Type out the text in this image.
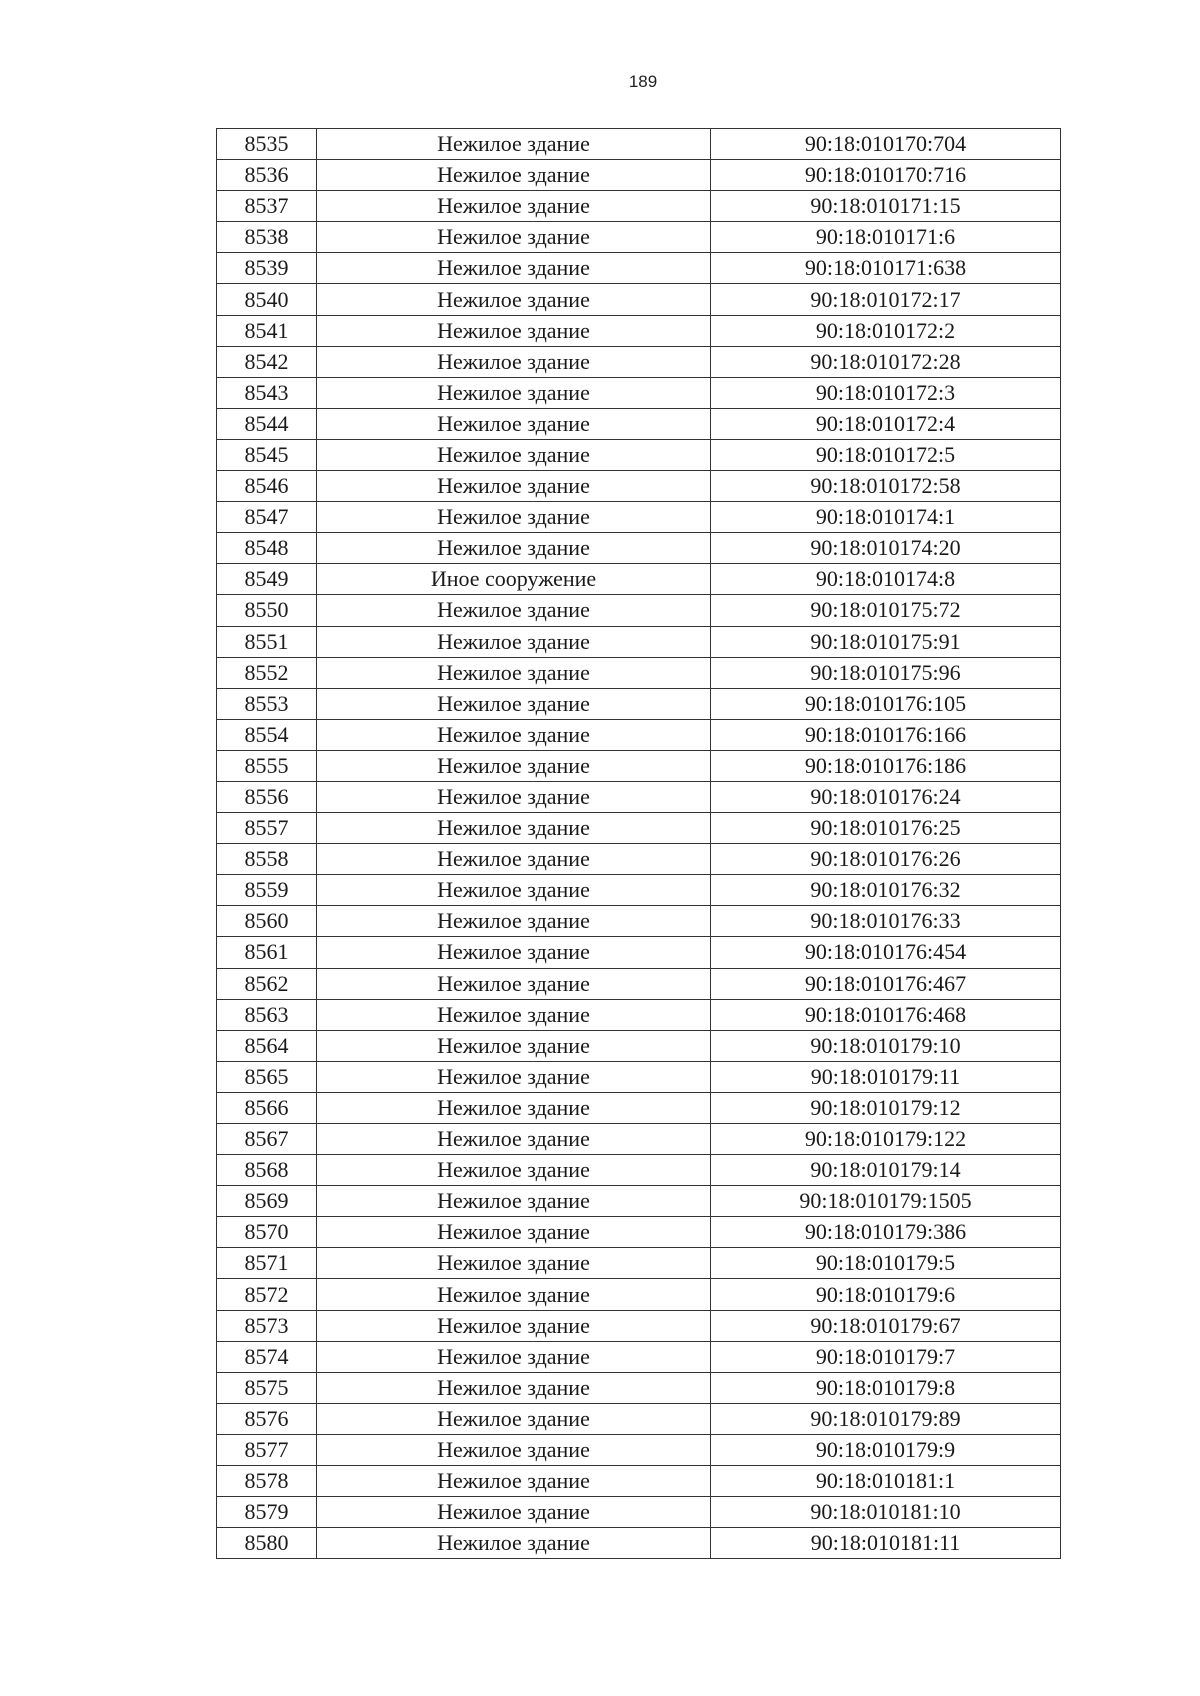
189
8535	Нежилое здание	90:18:010170:704
8536	Нежилое здание	90:18:010170:716
8537	Нежилое здание	90:18:010171:15
8538	Нежилое здание	90:18:010171:6
8539	Нежилое здание	90:18:010171:638
8540	Нежилое здание	90:18:010172:17
8541	Нежилое здание	90:18:010172:2
8542	Нежилое здание	90:18:010172:28
8543	Нежилое здание	90:18:010172:3
8544	Нежилое здание	90:18:010172:4
8545	Нежилое здание	90:18:010172:5
8546	Нежилое здание	90:18:010172:58
8547	Нежилое здание	90:18:010174:1
8548	Нежилое здание	90:18:010174:20
8549	Иное сооружение	90:18:010174:8
8550	Нежилое здание	90:18:010175:72
8551	Нежилое здание	90:18:010175:91
8552	Нежилое здание	90:18:010175:96
8553	Нежилое здание	90:18:010176:105
8554	Нежилое здание	90:18:010176:166
8555	Нежилое здание	90:18:010176:186
8556	Нежилое здание	90:18:010176:24
8557	Нежилое здание	90:18:010176:25
8558	Нежилое здание	90:18:010176:26
8559	Нежилое здание	90:18:010176:32
8560	Нежилое здание	90:18:010176:33
8561	Нежилое здание	90:18:010176:454
8562	Нежилое здание	90:18:010176:467
8563	Нежилое здание	90:18:010176:468
8564	Нежилое здание	90:18:010179:10
8565	Нежилое здание	90:18:010179:11
8566	Нежилое здание	90:18:010179:12
8567	Нежилое здание	90:18:010179:122
8568	Нежилое здание	90:18:010179:14
8569	Нежилое здание	90:18:010179:1505
8570	Нежилое здание	90:18:010179:386
8571	Нежилое здание	90:18:010179:5
8572	Нежилое здание	90:18:010179:6
8573	Нежилое здание	90:18:010179:67
8574	Нежилое здание	90:18:010179:7
8575	Нежилое здание	90:18:010179:8
8576	Нежилое здание	90:18:010179:89
8577	Нежилое здание	90:18:010179:9
8578	Нежилое здание	90:18:010181:1
8579	Нежилое здание	90:18:010181:10
8580	Нежилое здание	90:18:010181:11
